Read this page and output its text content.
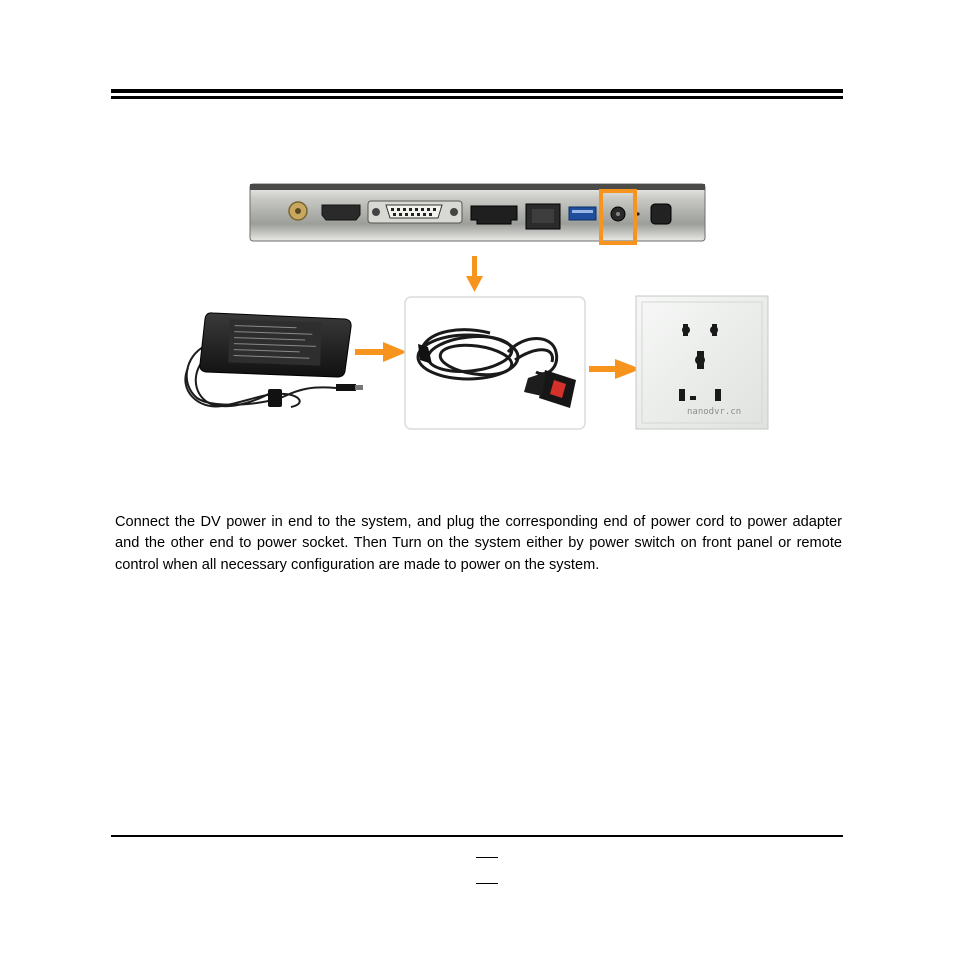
nanodvr.cn

Connect the DV power in end to the system, and plug the corresponding end of power cord to power adapter and the other end to power socket. Then Turn on the system either by power switch on front panel or remote control when all necessary configuration are made to power on the system.
